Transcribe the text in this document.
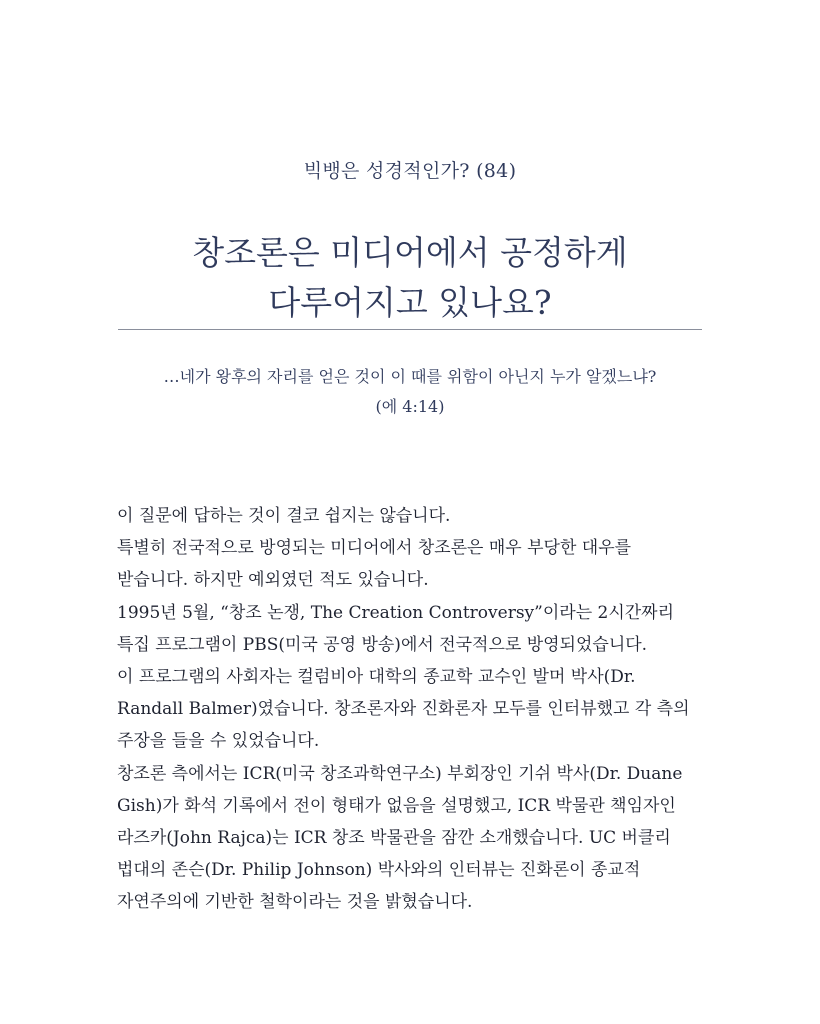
빅뱅은 성경적인가? (84)
창조론은 미디어에서 공정하게
다루어지고 있나요?
…네가 왕후의 자리를 얻은 것이 이 때를 위함이 아닌지 누가 알겠느냐?
(에 4:14)
이 질문에 답하는 것이 결코 쉽지는 않습니다.
특별히 전국적으로 방영되는 미디어에서 창조론은 매우 부당한 대우를
받습니다. 하지만 예외였던 적도 있습니다.
1995년 5월, “창조 논쟁, The Creation Controversy”이라는 2시간짜리
특집 프로그램이 PBS(미국 공영 방송)에서 전국적으로 방영되었습니다.
이 프로그램의 사회자는 컬럼비아 대학의 종교학 교수인 발머 박사(Dr.
Randall Balmer)였습니다. 창조론자와 진화론자 모두를 인터뷰했고 각 측의
주장을 들을 수 있었습니다.
창조론 측에서는 ICR(미국 창조과학연구소) 부회장인 기쉬 박사(Dr. Duane
Gish)가 화석 기록에서 전이 형태가 없음을 설명했고, ICR 박물관 책임자인
라즈카(John Rajca)는 ICR 창조 박물관을 잠깐 소개했습니다. UC 버클리
법대의 존슨(Dr. Philip Johnson) 박사와의 인터뷰는 진화론이 종교적
자연주의에 기반한 철학이라는 것을 밝혔습니다.
